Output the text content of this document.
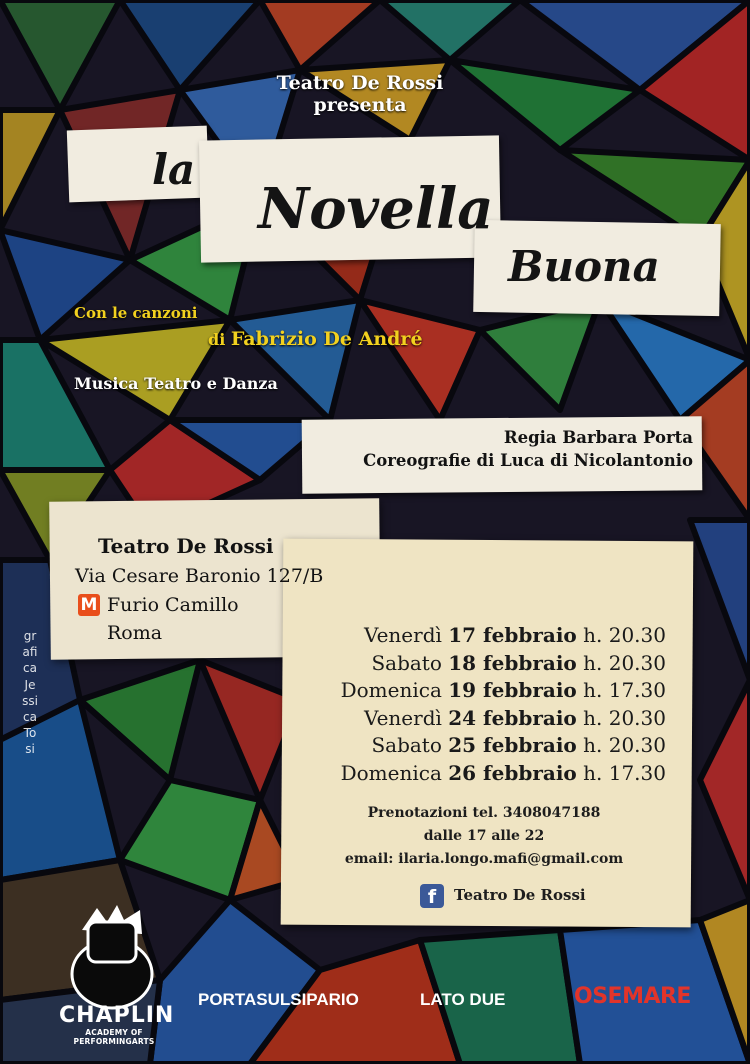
Teatro De Rossi
presenta
la
Novella
Buona
Con le canzoni
di Fabrizio De André
Musica Teatro e Danza
Regia Barbara Porta
Coreografie di Luca di Nicolantonio
Teatro De Rossi
Via Cesare Baronio 127/B
M Furio Camillo
Roma	Venerdì 17 febbraio h. 20.30
Sabato 18 febbraio h. 20.30
Domenica 19 febbraio h. 17.30
Venerdì 24 febbraio h. 20.30
Sabato 25 febbraio h. 20.30
Domenica 26 febbraio h. 17.30
Prenotazioni tel. 3408047188
dalle 17 alle 22
email: ilaria.longo.mafi@gmail.com
f	Teatro De Rossi
grafica Jessica Tosi
CHAPLIN
ACADEMY OF PERFORMINGARTS
PORTASULSIPARIO	LATO DUE	OSEMARE
